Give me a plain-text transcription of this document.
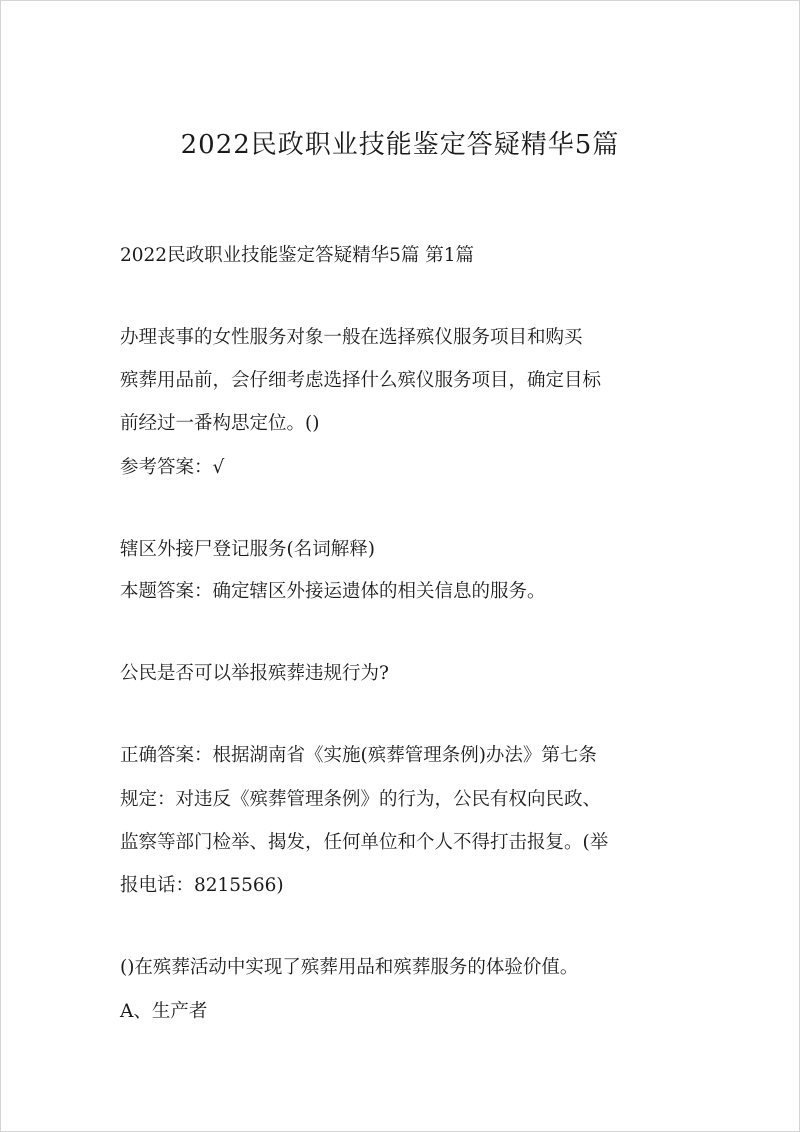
2022民政职业技能鉴定答疑精华5篇

2022民政职业技能鉴定答疑精华5篇 第1篇

办理丧事的女性服务对象一般在选择殡仪服务项目和购买

殡葬用品前，会仔细考虑选择什么殡仪服务项目，确定目标

前经过一番构思定位。()

参考答案：√

辖区外接尸登记服务(名词解释)

本题答案：确定辖区外接运遗体的相关信息的服务。

公民是否可以举报殡葬违规行为?

正确答案：根据湖南省《实施(殡葬管理条例)办法》第七条

规定：对违反《殡葬管理条例》的行为，公民有权向民政、

监察等部门检举、揭发，任何单位和个人不得打击报复。(举

报电话：8215566)

()在殡葬活动中实现了殡葬用品和殡葬服务的体验价值。

A、生产者
